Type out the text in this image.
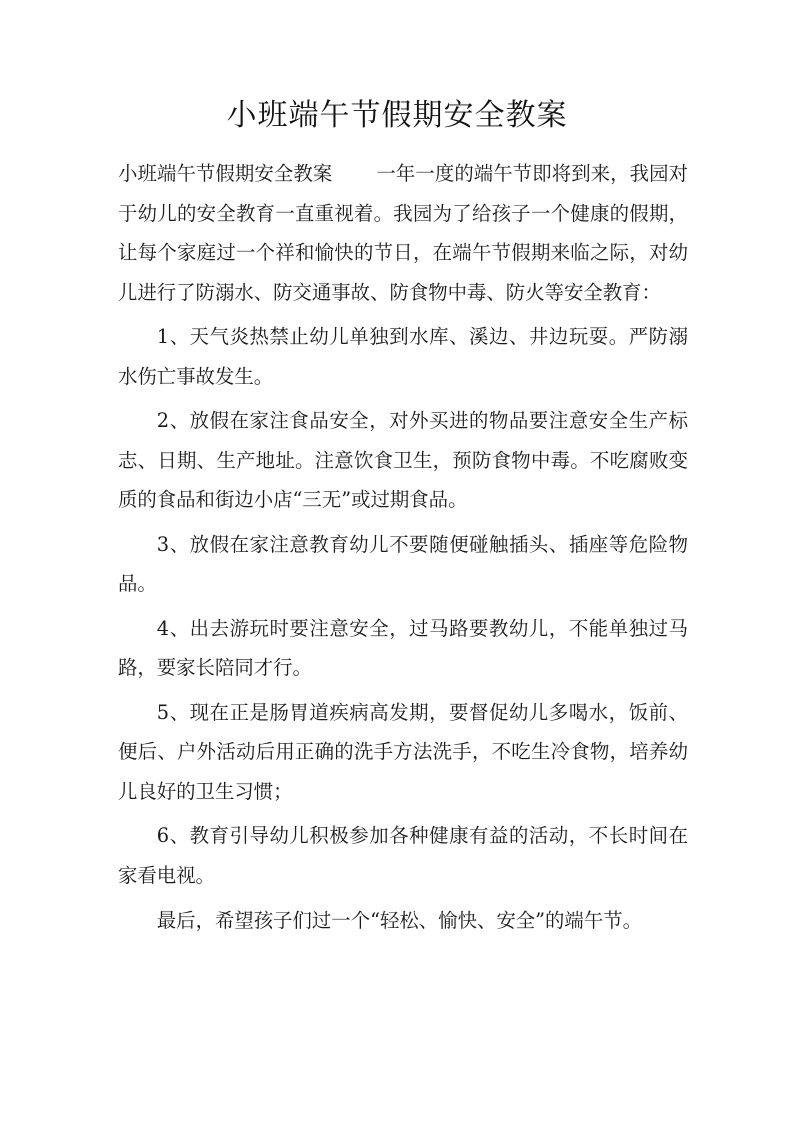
小班端午节假期安全教案

小班端午节假期安全教案 一年一度的端午节即将到来，我园对于幼儿的安全教育一直重视着。我园为了给孩子一个健康的假期，让每个家庭过一个祥和愉快的节日，在端午节假期来临之际，对幼儿进行了防溺水、防交通事故、防食物中毒、防火等安全教育：

1、天气炎热禁止幼儿单独到水库、溪边、井边玩耍。严防溺水伤亡事故发生。

2、放假在家注食品安全，对外买进的物品要注意安全生产标志、日期、生产地址。注意饮食卫生，预防食物中毒。不吃腐败变质的食品和街边小店“三无”或过期食品。

3、放假在家注意教育幼儿不要随便碰触插头、插座等危险物品。

4、出去游玩时要注意安全，过马路要教幼儿，不能单独过马路，要家长陪同才行。

5、现在正是肠胃道疾病高发期，要督促幼儿多喝水，饭前、便后、户外活动后用正确的洗手方法洗手，不吃生冷食物，培养幼儿良好的卫生习惯；

6、教育引导幼儿积极参加各种健康有益的活动，不长时间在家看电视。

最后，希望孩子们过一个“轻松、愉快、安全”的端午节。
